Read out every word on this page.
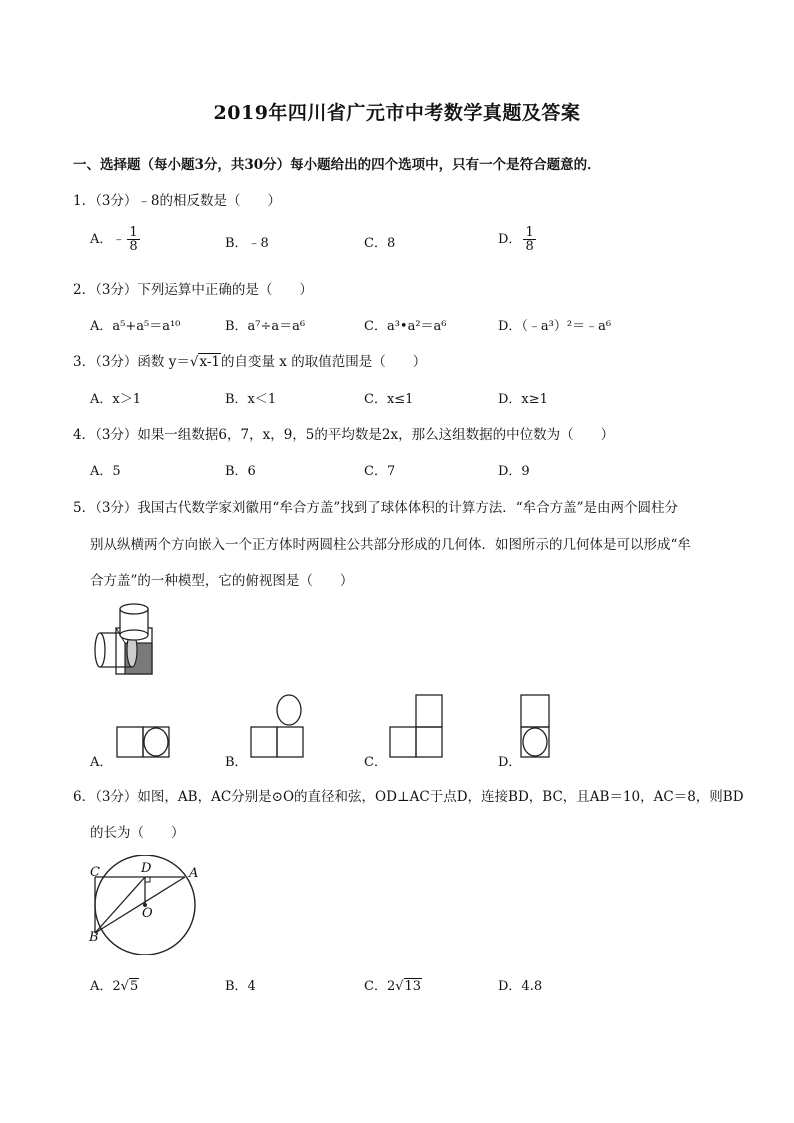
2019年四川省广元市中考数学真题及答案
一、选择题（每小题3分，共30分）每小题给出的四个选项中，只有一个是符合题意的．
1．（3分）﹣8的相反数是（　　）
A．﹣ $\frac{1}{8}$	B．﹣8	C．8	D． $\frac{1}{8}$
2．（3分）下列运算中正确的是（　　）
A．a⁵+a⁵＝a¹⁰	B．a⁷÷a＝a⁶	C．a³•a²＝a⁶	D．（﹣a³）²＝﹣a⁶
3．（3分）函数 y＝√x-1的自变量 x 的取值范围是（　　）
A．x＞1	B．x＜1	C．x≤1	D．x≥1
4．（3分）如果一组数据6，7，x，9，5的平均数是2x，那么这组数据的中位数为（　　）
A．5	B．6	C．7	D．9
5．（3分）我国古代数学家刘徽用“牟合方盖”找到了球体体积的计算方法．“牟合方盖”是由两个圆柱分
别从纵横两个方向嵌入一个正方体时两圆柱公共部分形成的几何体．如图所示的几何体是可以形成“牟
合方盖”的一种模型，它的俯视图是（　　）
A．	B．	C．	D．
6．（3分）如图，AB，AC分别是⊙O的直径和弦，OD⊥AC于点D，连接BD，BC，且AB＝10，AC＝8，则BD
的长为（　　）
C	D	A
O
B
A．2√5	B．4	C．2√13	D．4.8
